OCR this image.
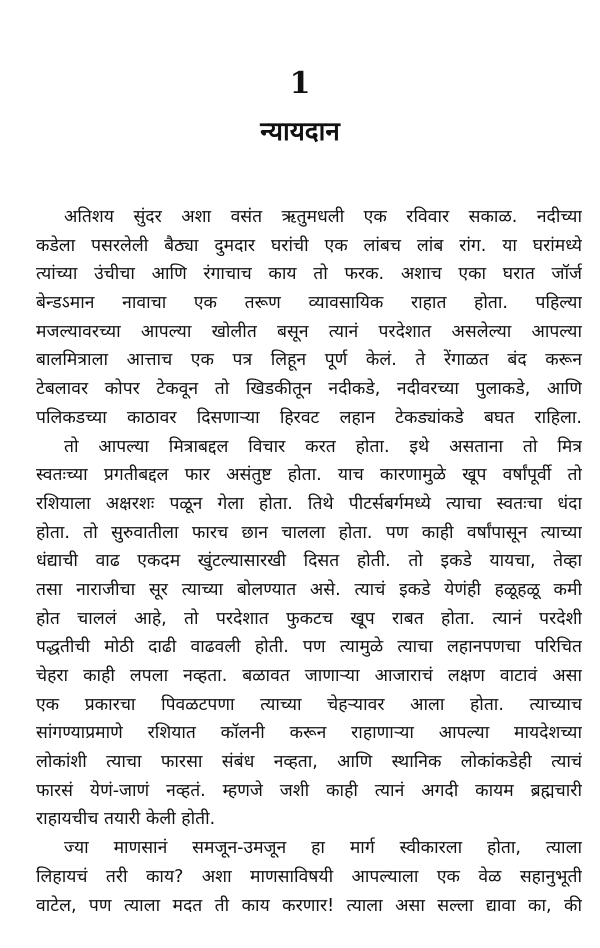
1
न्यायदान
अतिशय सुंदर अशा वसंत ऋतुमधली एक रविवार सकाळ. नदीच्या
कडेला पसरलेली बैठ्या दुमदार घरांची एक लांबच लांब रांग. या घरांमध्ये
त्यांच्या उंचीचा आणि रंगाचाच काय तो फरक. अशाच एका घरात जॉर्ज
बेन्डऽमान नावाचा एक तरूण व्यावसायिक राहात होता. पहिल्या
मजल्यावरच्या आपल्या खोलीत बसून त्यानं परदेशात असलेल्या आपल्या
बालमित्राला आत्ताच एक पत्र लिहून पूर्ण केलं. ते रेंगाळत बंद करून
टेबलावर कोपर टेकवून तो खिडकीतून नदीकडे, नदीवरच्या पुलाकडे, आणि
पलिकडच्या काठावर दिसणाऱ्या हिरवट लहान टेकड्यांकडे बघत राहिला.
तो आपल्या मित्राबद्दल विचार करत होता. इथे असताना तो मित्र
स्वतःच्या प्रगतीबद्दल फार असंतुष्ट होता. याच कारणामुळे खूप वर्षांपूर्वी तो
रशियाला अक्षरशः पळून गेला होता. तिथे पीटर्सबर्गमध्ये त्याचा स्वतःचा धंदा
होता. तो सुरुवातीला फारच छान चालला होता. पण काही वर्षांपासून त्याच्या
धंद्याची वाढ एकदम खुंटल्यासारखी दिसत होती. तो इकडे यायचा, तेव्हा
तसा नाराजीचा सूर त्याच्या बोलण्यात असे. त्याचं इकडे येणंही हळूहळू कमी
होत चाललं आहे, तो परदेशात फुकटच खूप राबत होता. त्यानं परदेशी
पद्धतीची मोठी दाढी वाढवली होती. पण त्यामुळे त्याचा लहानपणचा परिचित
चेहरा काही लपला नव्हता. बळावत जाणाऱ्या आजाराचं लक्षण वाटावं असा
एक प्रकारचा पिवळटपणा त्याच्या चेहऱ्यावर आला होता. त्याच्याच
सांगण्याप्रमाणे रशियात कॉलनी करून राहाणाऱ्या आपल्या मायदेशच्या
लोकांशी त्याचा फारसा संबंध नव्हता, आणि स्थानिक लोकांकडेही त्याचं
फारसं येणं-जाणं नव्हतं. म्हणजे जशी काही त्यानं अगदी कायम ब्रह्मचारी
राहायचीच तयारी केली होती.
ज्या माणसानं समजून-उमजून हा मार्ग स्वीकारला होता, त्याला
लिहायचं तरी काय? अशा माणसाविषयी आपल्याला एक वेळ सहानुभूती
वाटेल, पण त्याला मदत ती काय करणार! त्याला असा सल्ला द्यावा का, की
